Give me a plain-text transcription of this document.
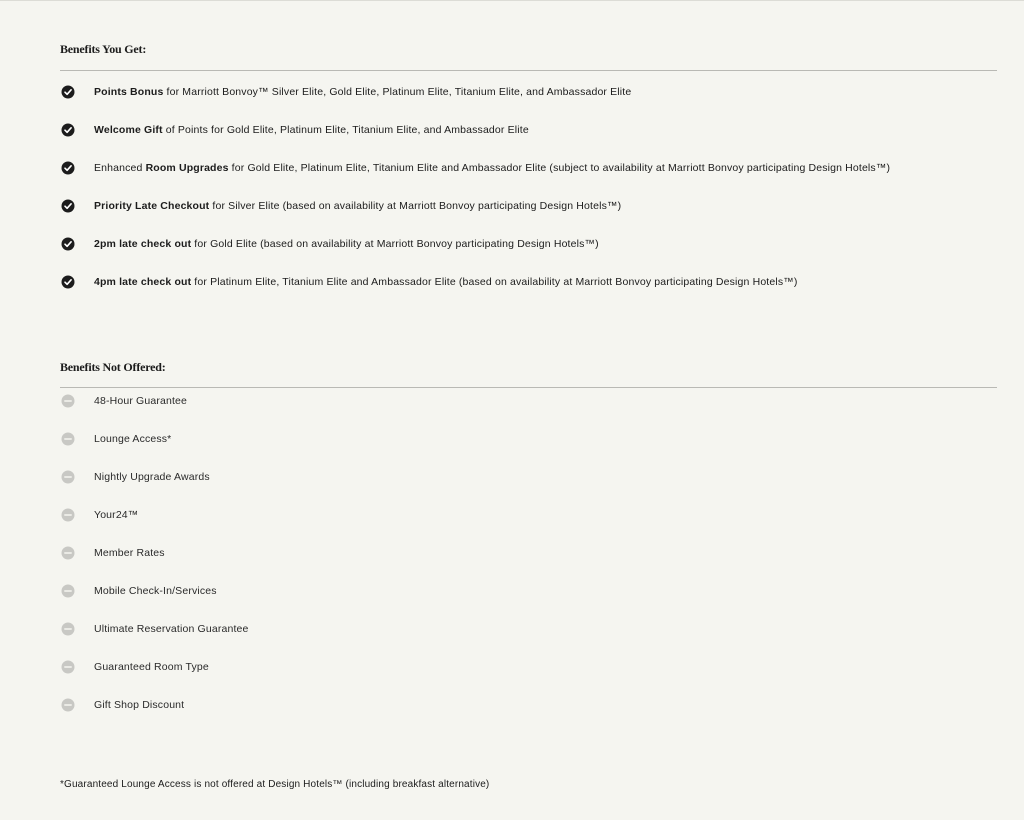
Benefits You Get:
Points Bonus for Marriott Bonvoy™ Silver Elite, Gold Elite, Platinum Elite, Titanium Elite, and Ambassador Elite
Welcome Gift of Points for Gold Elite, Platinum Elite, Titanium Elite, and Ambassador Elite
Enhanced Room Upgrades for Gold Elite, Platinum Elite, Titanium Elite and Ambassador Elite (subject to availability at Marriott Bonvoy participating Design Hotels™)
Priority Late Checkout for Silver Elite (based on availability at Marriott Bonvoy participating Design Hotels™)
2pm late check out for Gold Elite (based on availability at Marriott Bonvoy participating Design Hotels™)
4pm late check out for Platinum Elite, Titanium Elite and Ambassador Elite (based on availability at Marriott Bonvoy participating Design Hotels™)
Benefits Not Offered:
48-Hour Guarantee
Lounge Access*
Nightly Upgrade Awards
Your24™
Member Rates
Mobile Check-In/Services
Ultimate Reservation Guarantee
Guaranteed Room Type
Gift Shop Discount
*Guaranteed Lounge Access is not offered at Design Hotels™ (including breakfast alternative)
